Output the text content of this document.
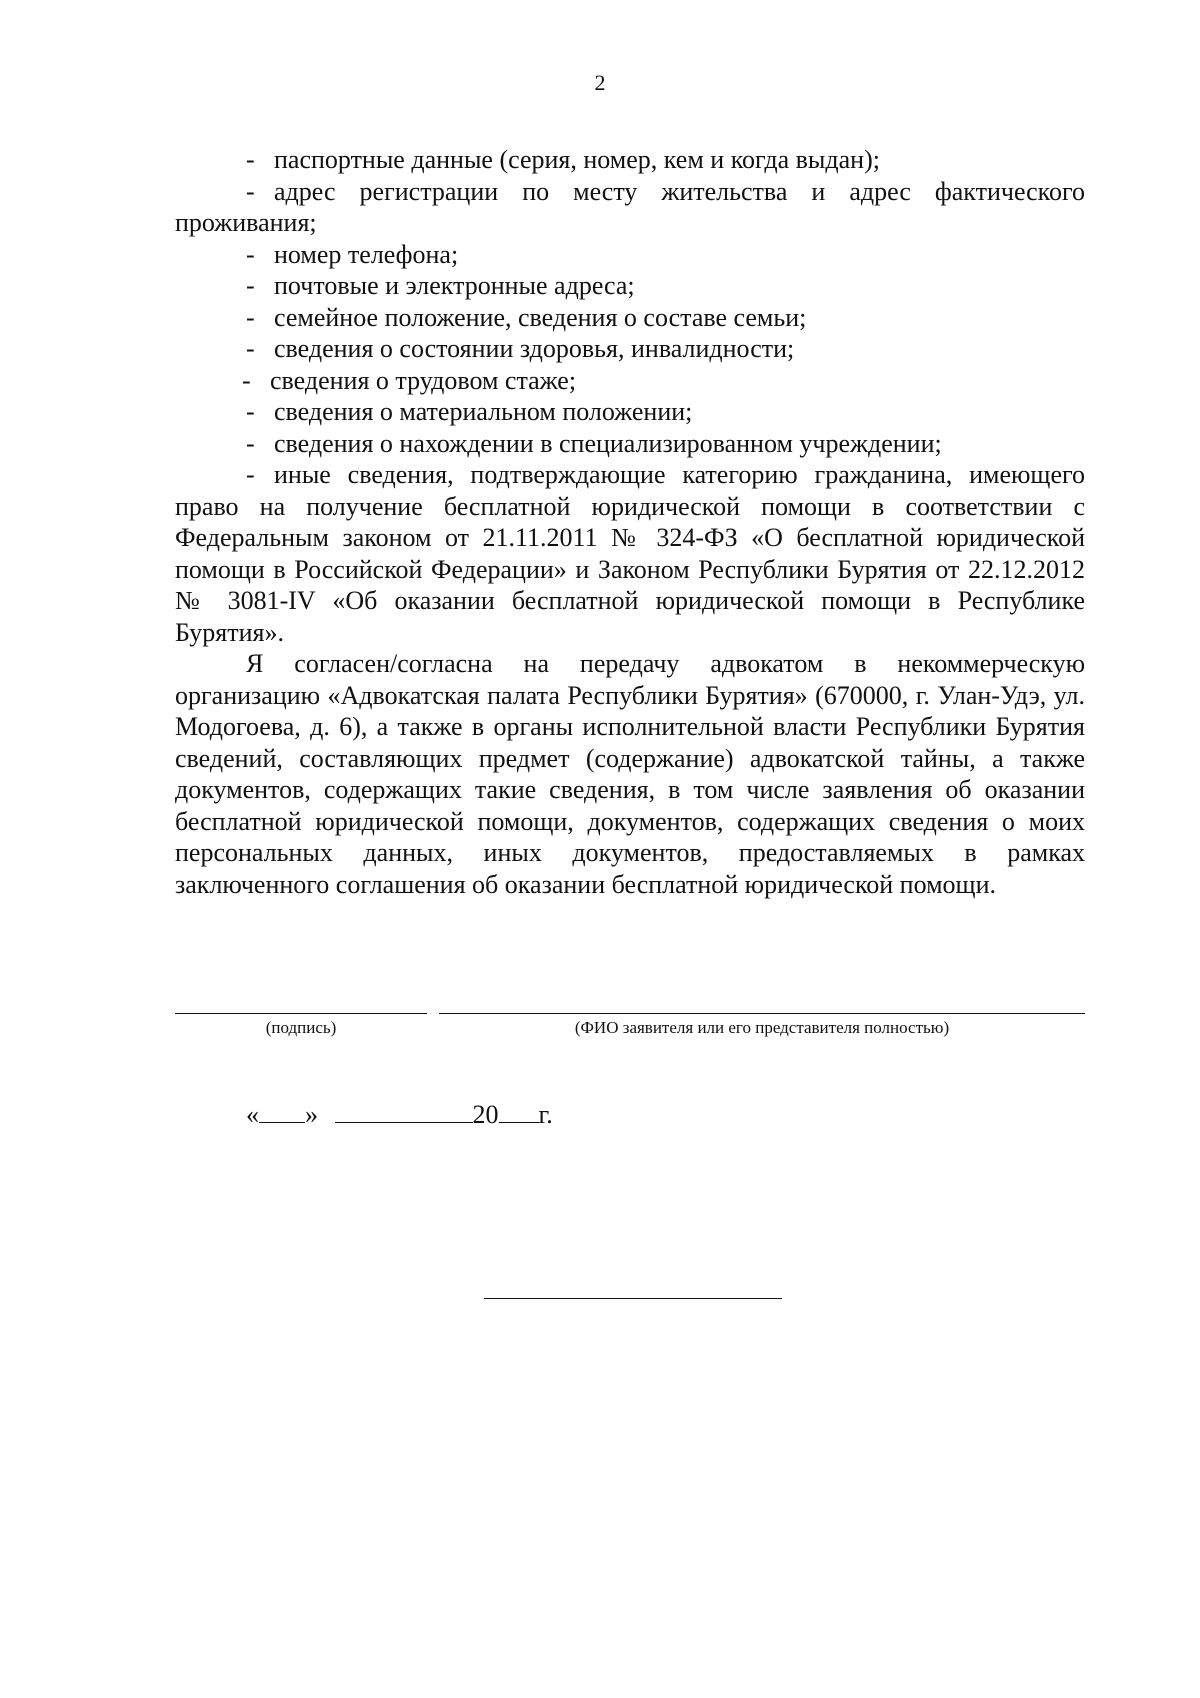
2

- паспортные данные (серия, номер, кем и когда выдан);

- адрес регистрации по месту жительства и адрес фактического проживания;

- номер телефона;

- почтовые и электронные адреса;

- семейное положение, сведения о составе семьи;

- сведения о состоянии здоровья, инвалидности;

- сведения о трудовом стаже;

- сведения о материальном положении;

- сведения о нахождении в специализированном учреждении;

- иные сведения, подтверждающие категорию гражданина, имеющего право на получение бесплатной юридической помощи в соответствии с Федеральным законом от 21.11.2011 № 324-ФЗ «О бесплатной юридической помощи в Российской Федерации» и Законом Республики Бурятия от 22.12.2012 № 3081-IV «Об оказании бесплатной юридической помощи в Республике Бурятия».

Я согласен/согласна на передачу адвокатом в некоммерческую организацию «Адвокатская палата Республики Бурятия» (670000, г. Улан-Удэ, ул. Модогоева, д. 6), а также в органы исполнительной власти Республики Бурятия сведений, составляющих предмет (содержание) адвокатской тайны, а также документов, содержащих такие сведения, в том числе заявления об оказании бесплатной юридической помощи, документов, содержащих сведения о моих персональных данных, иных документов, предоставляемых в рамках заключенного соглашения об оказании бесплатной юридической помощи.

(подпись)	(ФИО заявителя или его представителя полностью)
« »	20 г.
